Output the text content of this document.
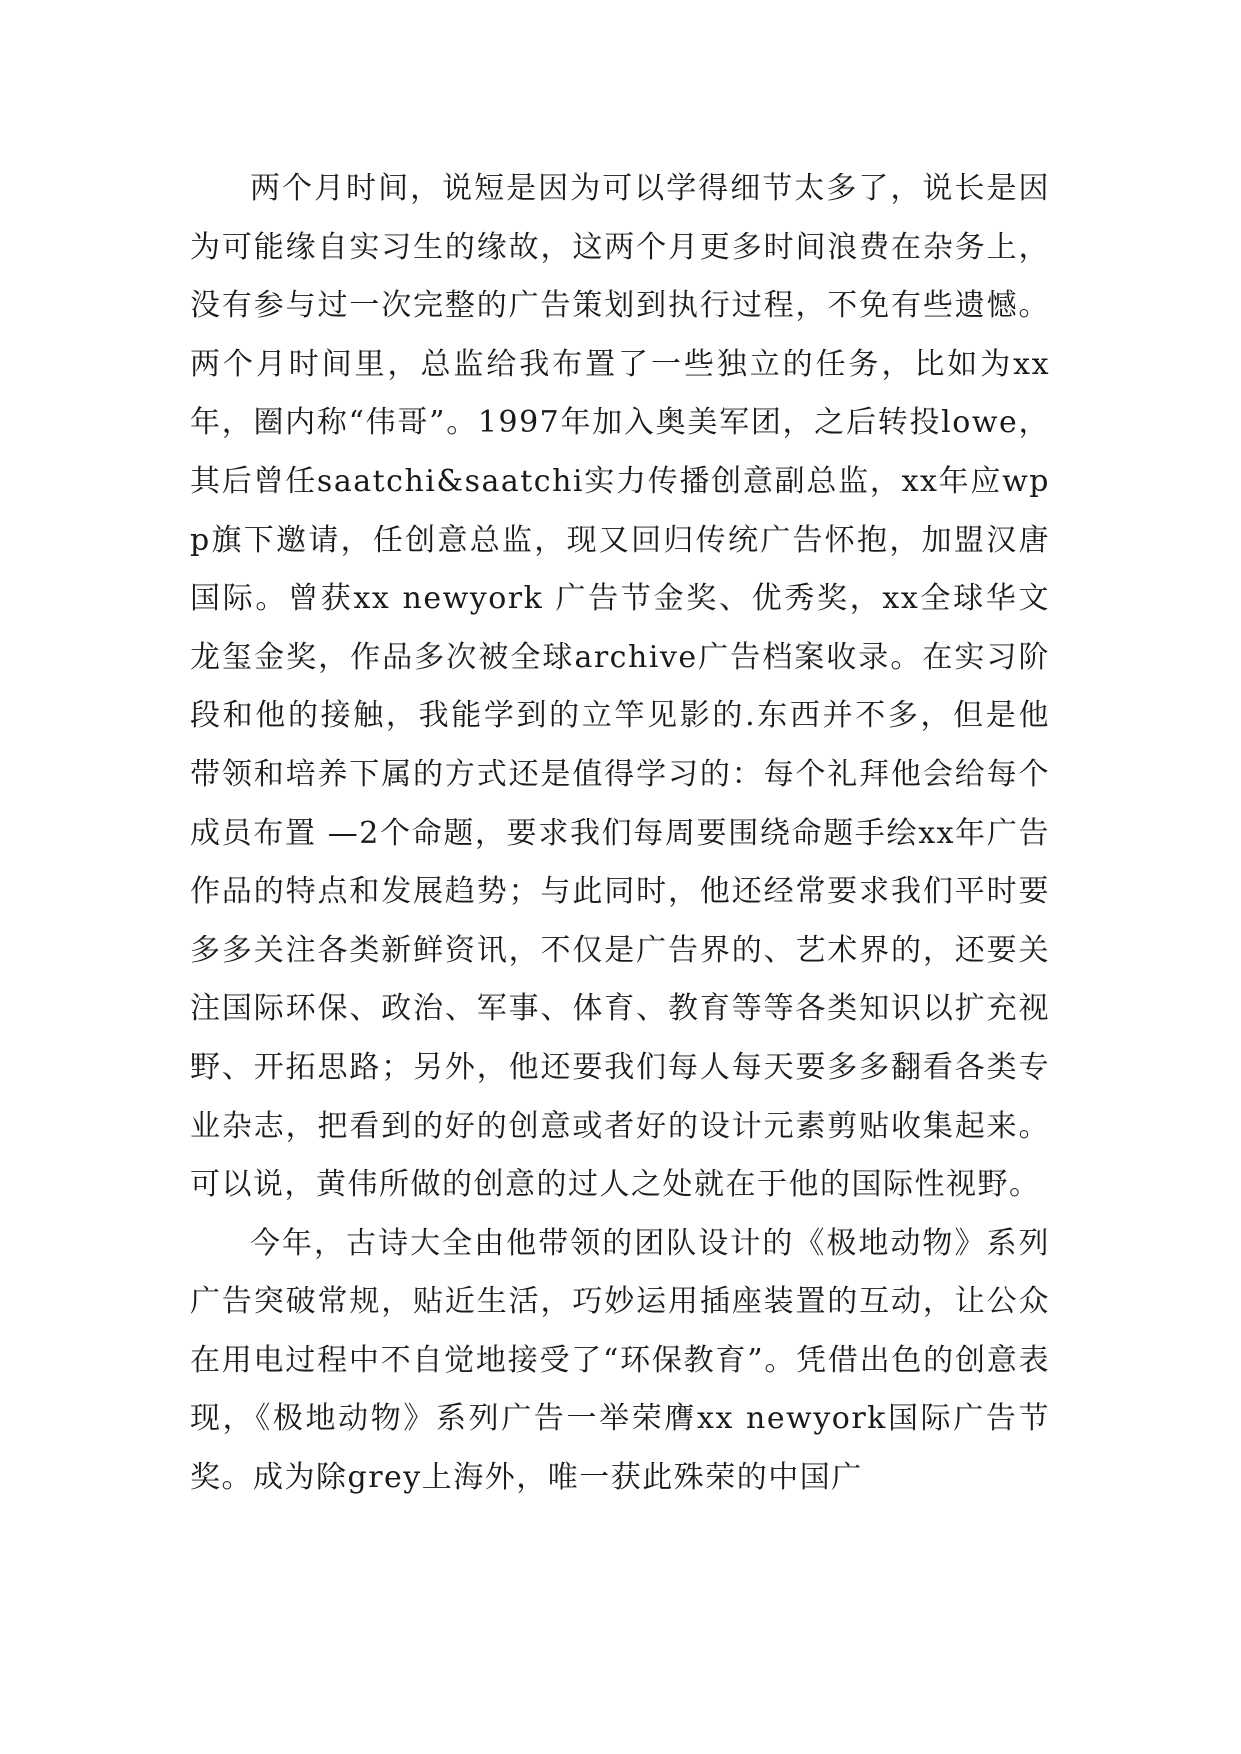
两个月时间，说短是因为可以学得细节太多了，说长是因为可能缘自实习生的缘故，这两个月更多时间浪费在杂务上，没有参与过一次完整的广告策划到执行过程，不免有些遗憾。两个月时间里，总监给我布置了一些独立的任务，比如为xx年，圈内称“伟哥”。1997年加入奥美军团，之后转投lowe，其后曾任saatchi&saatchi实力传播创意副总监，xx年应wpp旗下邀请，任创意总监，现又回归传统广告怀抱，加盟汉唐国际。曾获xx newyork 广告节金奖、优秀奖，xx全球华文龙玺金奖，作品多次被全球archive广告档案收录。在实习阶段和他的接触，我能学到的立竿见影的.东西并不多，但是他带领和培养下属的方式还是值得学习的：每个礼拜他会给每个成员布置 —2个命题，要求我们每周要围绕命题手绘xx年广告作品的特点和发展趋势；与此同时，他还经常要求我们平时要多多关注各类新鲜资讯，不仅是广告界的、艺术界的，还要关注国际环保、政治、军事、体育、教育等等各类知识以扩充视野、开拓思路；另外，他还要我们每人每天要多多翻看各类专业杂志，把看到的好的创意或者好的设计元素剪贴收集起来。可以说，黄伟所做的创意的过人之处就在于他的国际性视野。

今年，古诗大全由他带领的团队设计的《极地动物》系列广告突破常规，贴近生活，巧妙运用插座装置的互动，让公众在用电过程中不自觉地接受了“环保教育”。凭借出色的创意表现，《极地动物》系列广告一举荣膺xx newyork国际广告节奖。成为除grey上海外，唯一获此殊荣的中国广
